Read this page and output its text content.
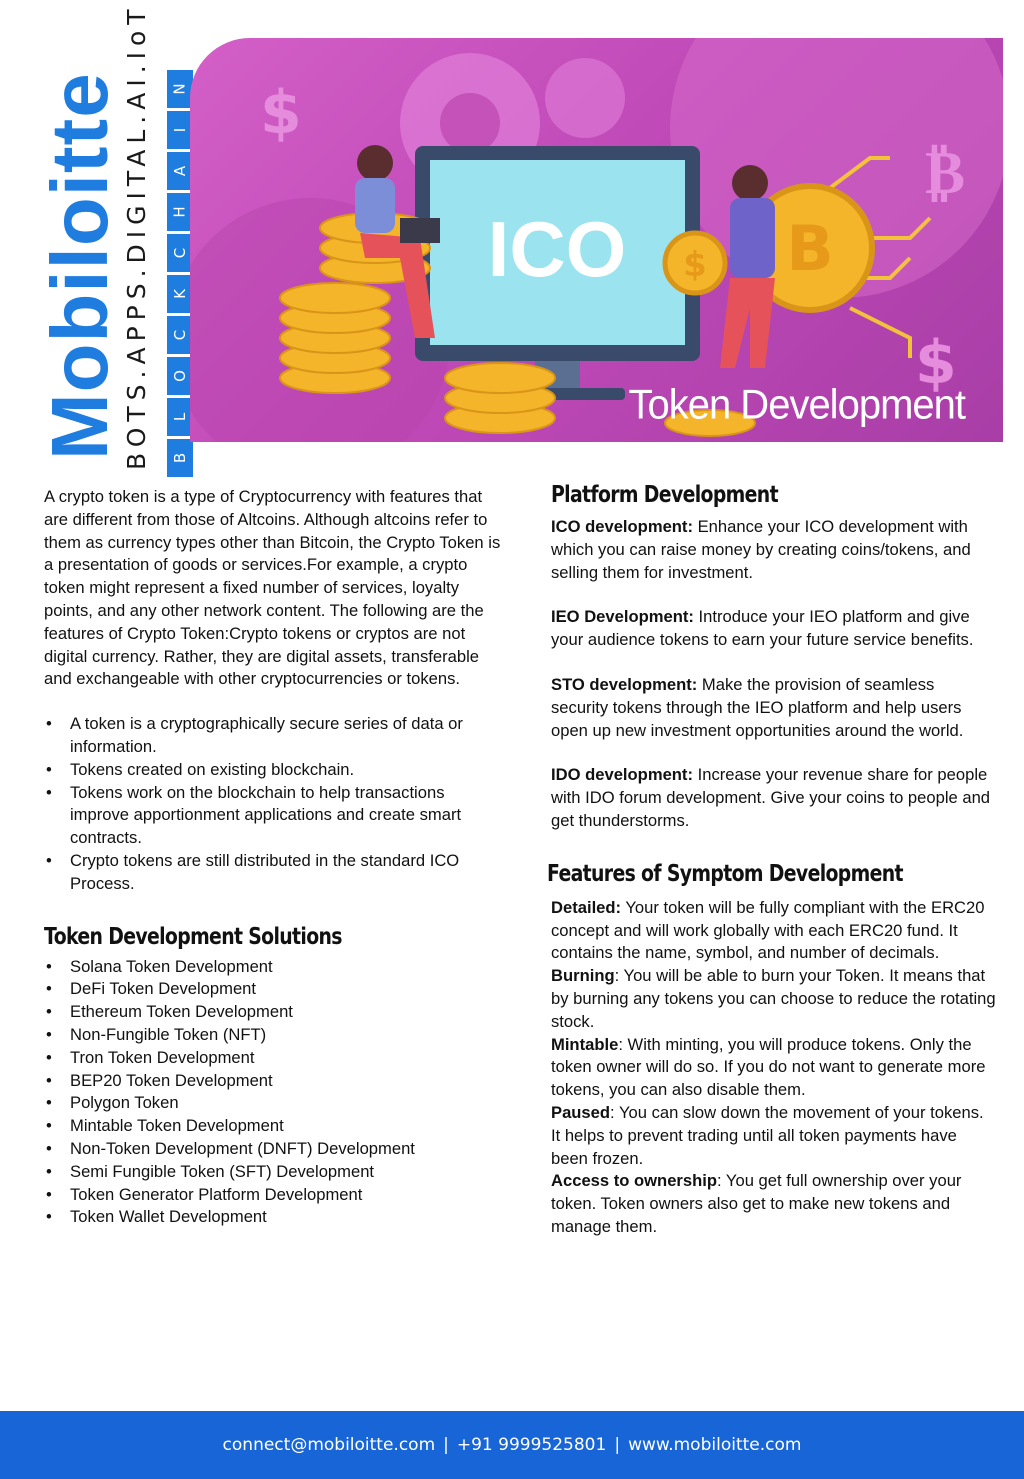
Mobiloitte
BOTS.APPS.DIGITAL.AI.IoT N
I
A
H
C
K
C
O
L
B
$
$
₿
ICO	B
$
Token Development

A crypto token is a type of Cryptocurrency with features that are different from those of Altcoins. Although altcoins refer to them as currency types other than Bitcoin, the Crypto Token is a presentation of goods or services.For example, a crypto token might represent a fixed number of services, loyalty points, and any other network content. The following are the features of Crypto Token:Crypto tokens or cryptos are not digital currency. Rather, they are digital assets, transferable and exchangeable with other cryptocurrencies or tokens.

• A token is a cryptographically secure series of data or information.
• Tokens created on existing blockchain.
• Tokens work on the blockchain to help transactions improve apportionment applications and create smart contracts.
• Crypto tokens are still distributed in the standard ICO Process.
Token Development Solutions
• Solana Token Development
• DeFi Token Development
• Ethereum Token Development
• Non-Fungible Token (NFT)
• Tron Token Development
• BEP20 Token Development
• Polygon Token
• Mintable Token Development
• Non-Token Development (DNFT) Development
• Semi Fungible Token (SFT) Development
• Token Generator Platform Development
• Token Wallet Development
Platform Development

ICO development: Enhance your ICO development with which you can raise money by creating coins/tokens, and selling them for investment.

IEO Development: Introduce your IEO platform and give your audience tokens to earn your future service benefits.

STO development: Make the provision of seamless security tokens through the IEO platform and help users open up new investment opportunities around the world.

IDO development: Increase your revenue share for people with IDO forum development. Give your coins to people and get thunderstorms.

Features of Symptom Development

Detailed: Your token will be fully compliant with the ERC20 concept and will work globally with each ERC20 fund. It contains the name, symbol, and number of decimals.

Burning: You will be able to burn your Token. It means that by burning any tokens you can choose to reduce the rotating stock.

Mintable: With minting, you will produce tokens. Only the token owner will do so. If you do not want to generate more tokens, you can also disable them.

Paused: You can slow down the movement of your tokens. It helps to prevent trading until all token payments have been frozen.

Access to ownership: You get full ownership over your token. Token owners also get to make new tokens and manage them.

connect@mobiloitte.com | +91 9999525801 | www.mobiloitte.com
